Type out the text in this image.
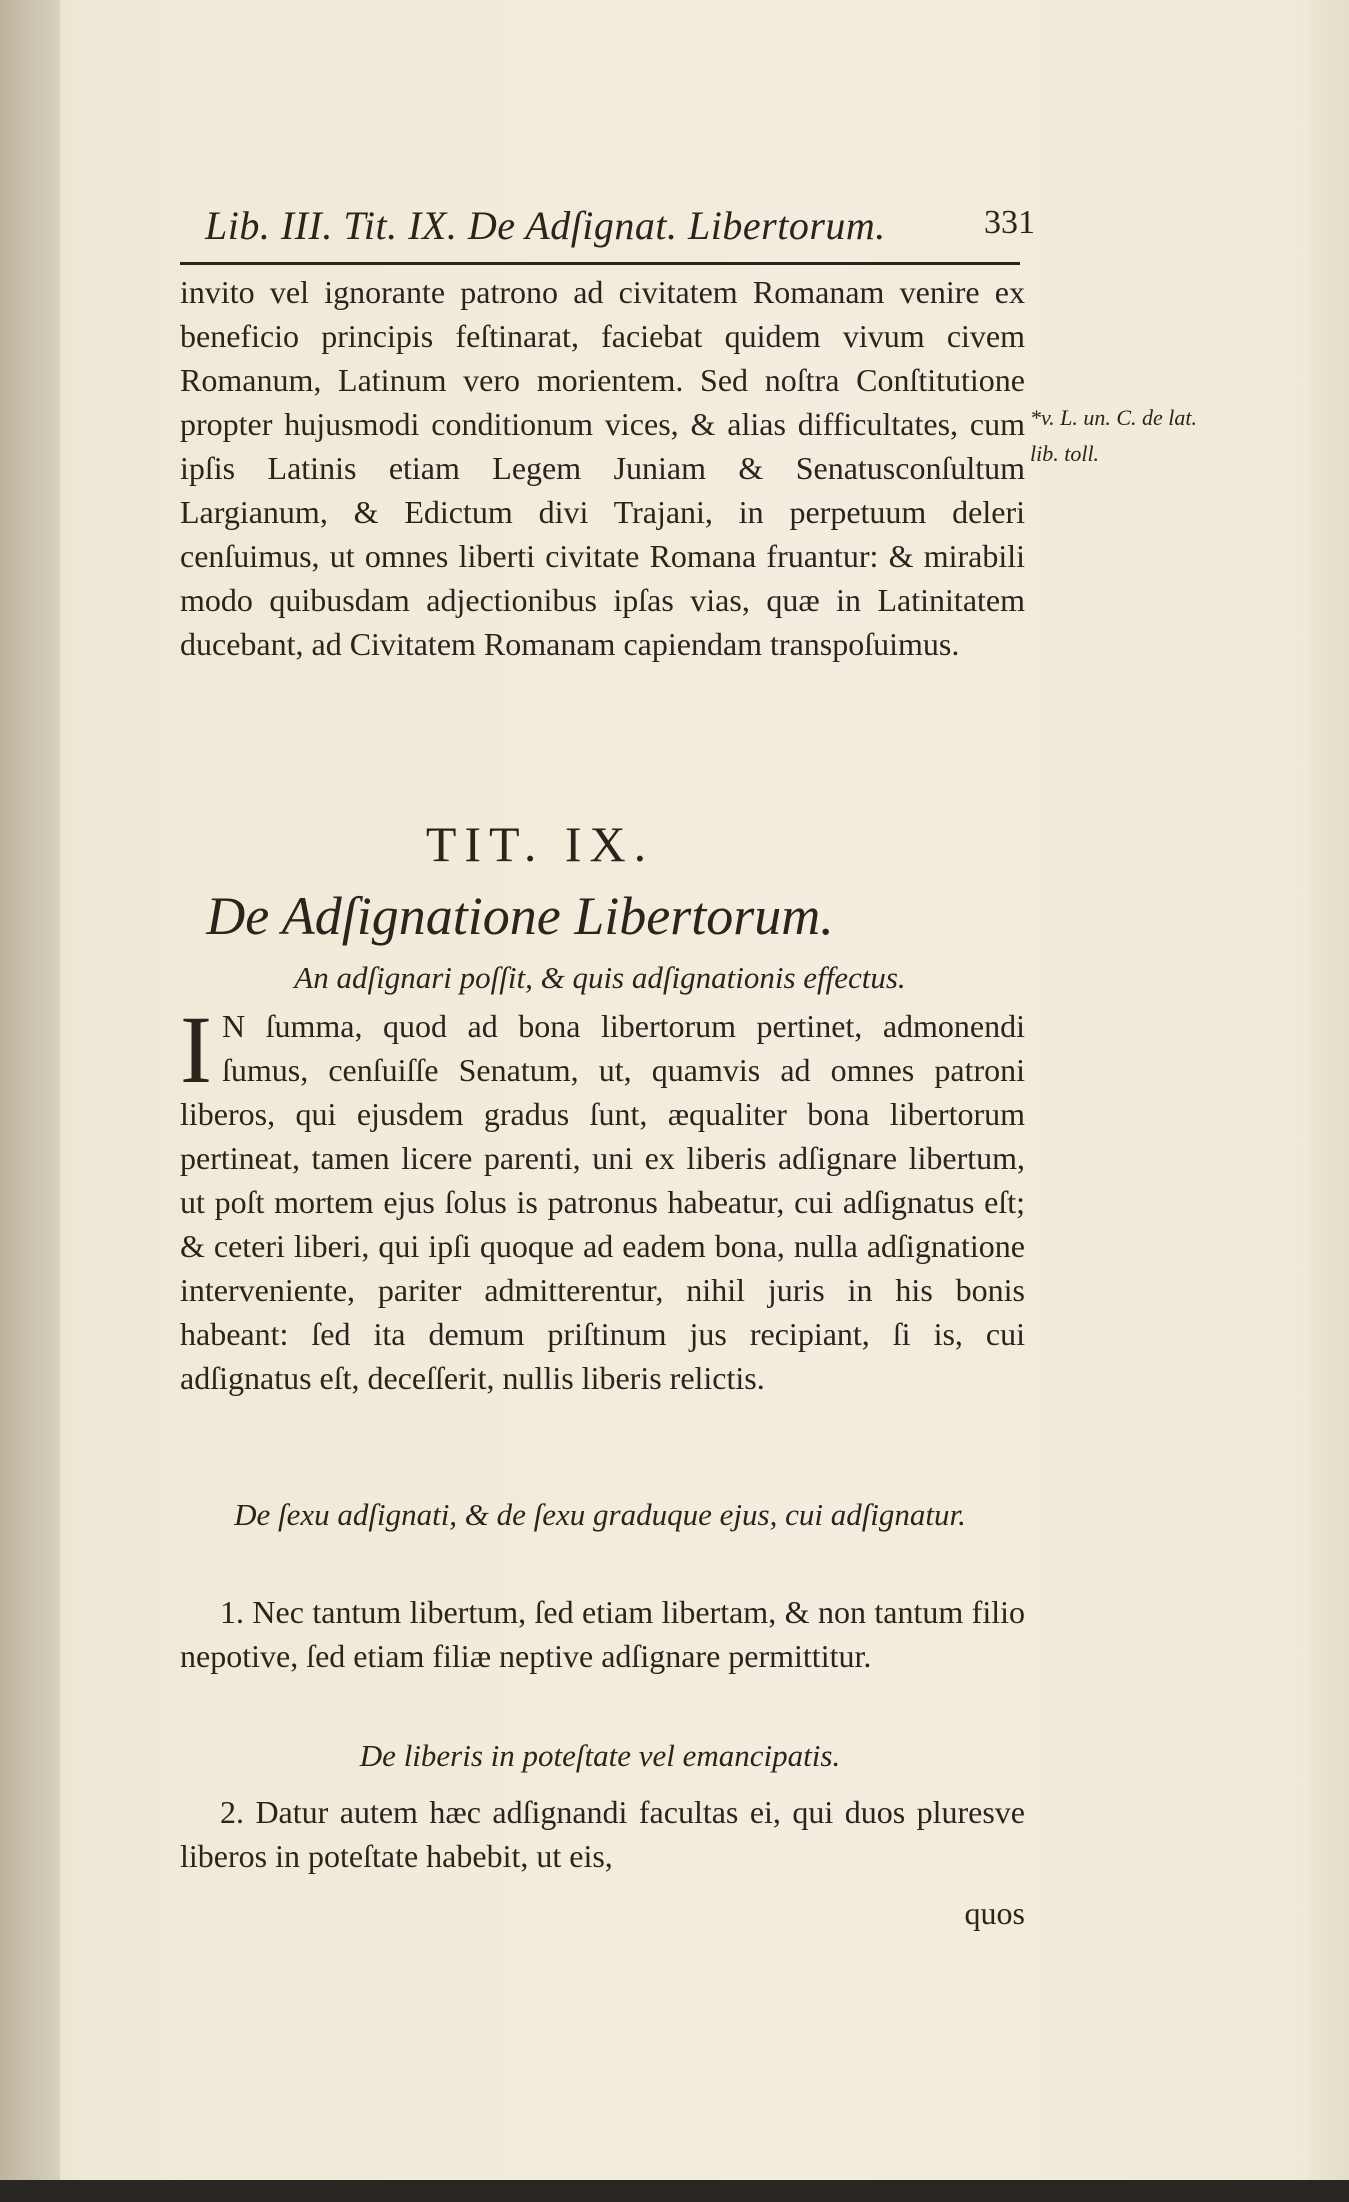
Lib. III. Tit. IX. De Adſignat. Libertorum.	331

invito vel ignorante patrono ad civitatem Romanam venire ex beneficio principis feſtinarat, faciebat quidem vivum civem Romanum, Latinum vero morientem. Sed noſtra Conſtitutione propter hujusmodi conditionum vices, & alias difficultates, cum ipſis Latinis etiam Legem Juniam & Senatusconſultum Largianum, & Edictum divi Trajani, in perpetuum deleri cenſuimus, ut omnes liberti civitate Romana fruantur: & mirabili modo quibusdam adjectionibus ipſas vias, quæ in Latinitatem ducebant, ad Civitatem Romanam capiendam transpoſuimus.

*v. L. un. C. de lat. lib. toll.
TIT. IX.
De Adſignatione Libertorum.
An adſignari poſſit, & quis adſignationis effectus.
I N ſumma, quod ad bona libertorum pertinet, admonendi ſumus, cenſuiſſe Senatum, ut, quamvis ad omnes patroni liberos, qui ejusdem gradus ſunt, æqualiter bona libertorum pertineat, tamen licere parenti, uni ex liberis adſignare libertum, ut poſt mortem ejus ſolus is patronus habeatur, cui adſignatus eſt; & ceteri liberi, qui ipſi quoque ad eadem bona, nulla adſignatione interveniente, pariter admitterentur, nihil juris in his bonis habeant: ſed ita demum priſtinum jus recipiant, ſi is, cui adſignatus eſt, deceſſerit, nullis liberis relictis.
De ſexu adſignati, & de ſexu graduque ejus, cui adſignatur.

1. Nec tantum libertum, ſed etiam libertam, & non tantum filio nepotive, ſed etiam filiæ neptive adſignare permittitur.

De liberis in poteſtate vel emancipatis.

2. Datur autem hæc adſignandi facultas ei, qui duos pluresve liberos in poteſtate habebit, ut eis,

quos
